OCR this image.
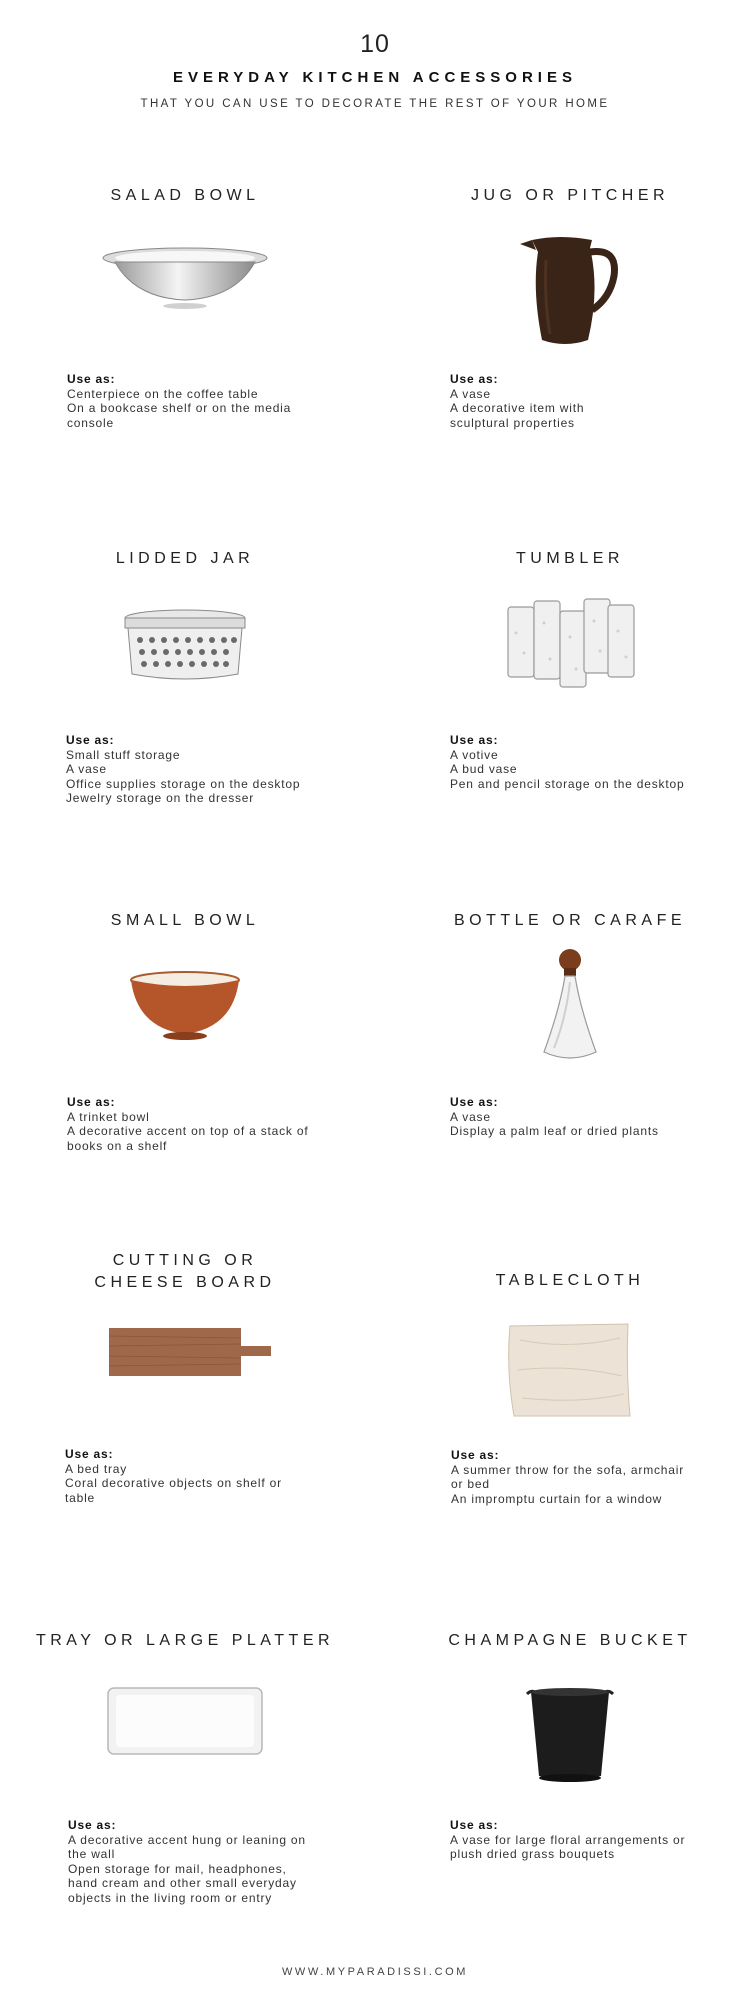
10
EVERYDAY KITCHEN ACCESSORIES
THAT YOU CAN USE TO DECORATE THE REST OF YOUR HOME
SALAD BOWL
Use as:
Centerpiece on the coffee table
On a bookcase shelf or on the media
console
JUG OR PITCHER
Use as:
A vase
A decorative item with
sculptural properties
LIDDED JAR
Use as:
Small stuff storage
A vase
Office supplies storage on the desktop
Jewelry storage on the dresser
TUMBLER
Use as:
A votive
A bud vase
Pen and pencil storage on the desktop
SMALL BOWL
Use as:
A trinket bowl
A decorative accent on top of a stack of
books on a shelf
BOTTLE OR CARAFE
Use as:
A vase
Display a palm leaf or dried plants
CUTTING OR
CHEESE BOARD
Use as:
A bed tray
Coral decorative objects on shelf or
table
TABLECLOTH
Use as:
A summer throw for the sofa, armchair
or bed
An impromptu curtain for a window
TRAY OR LARGE PLATTER
Use as:
A decorative accent hung or leaning on
the wall
Open storage for mail, headphones,
hand cream and other small everyday
objects in the living room or entry
CHAMPAGNE BUCKET
Use as:
A vase for large floral arrangements or
plush dried grass bouquets
WWW.MYPARADISSI.COM
